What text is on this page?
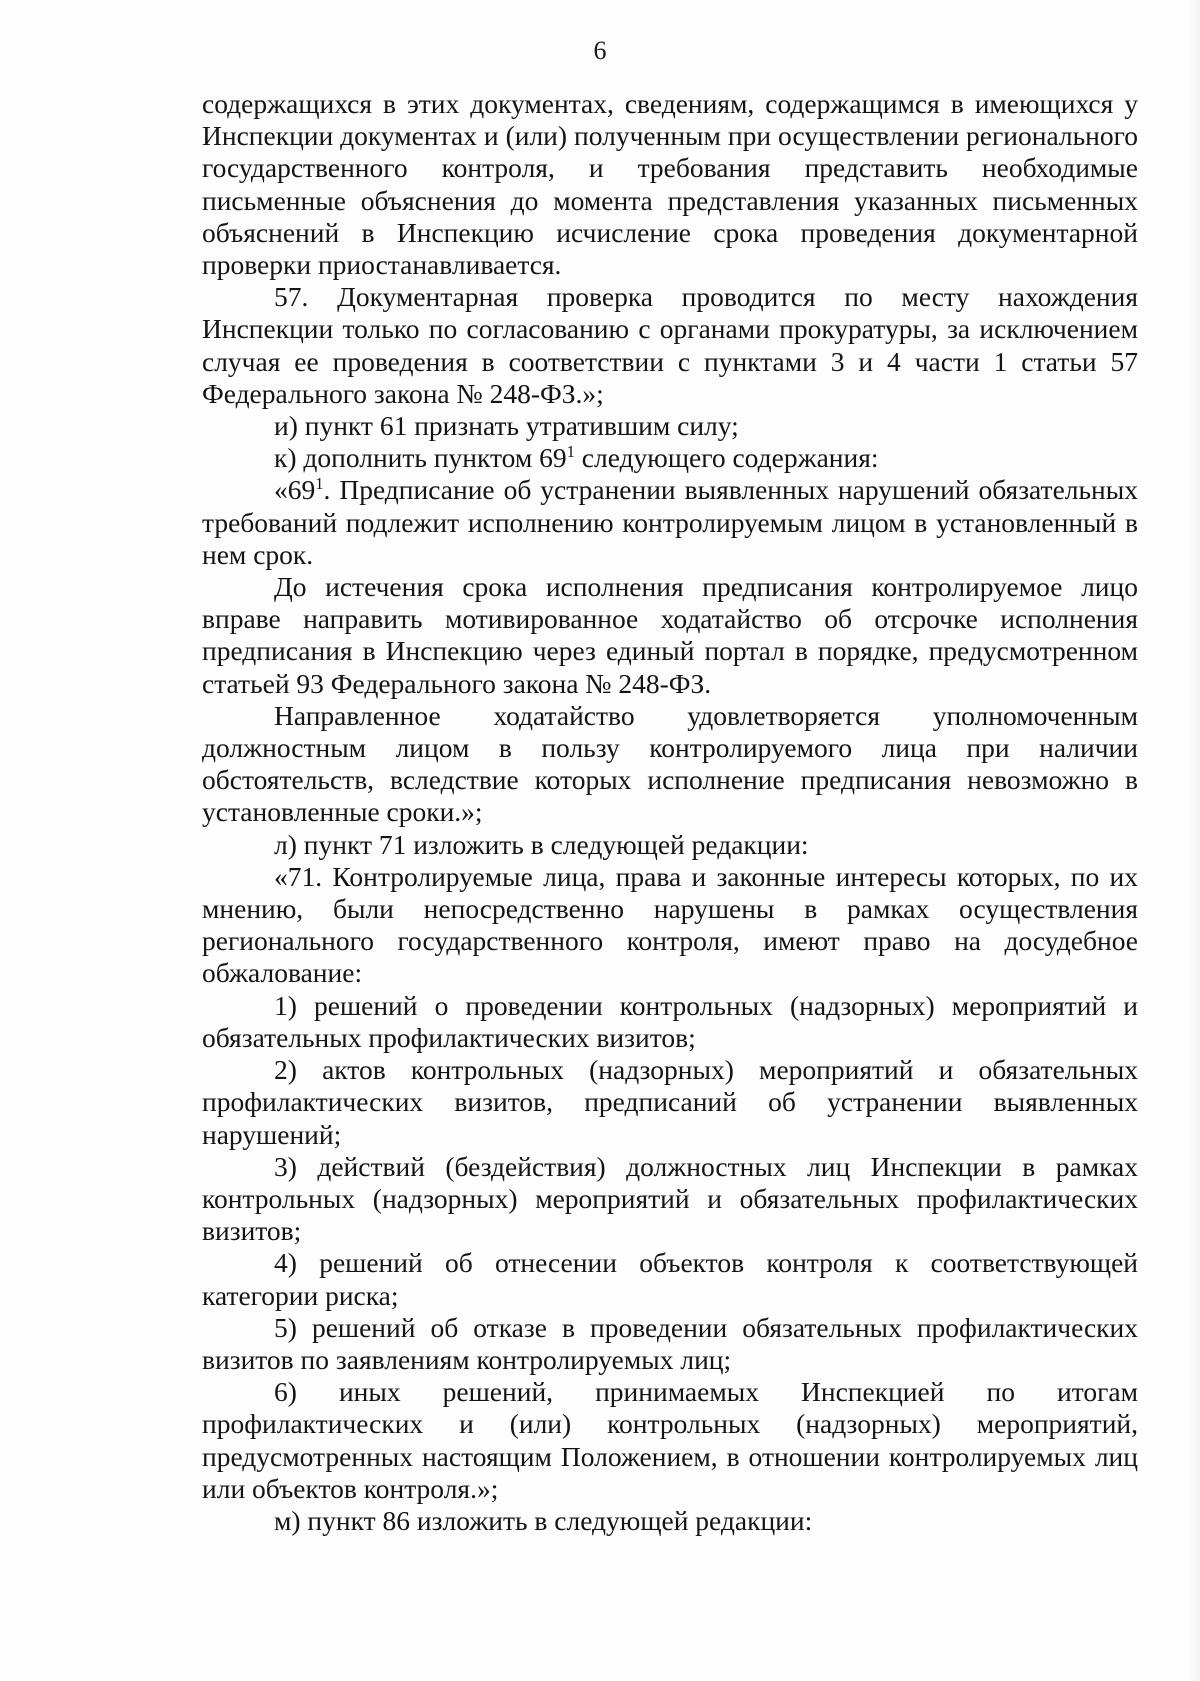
6

содержащихся в этих документах, сведениям, содержащимся в имеющихся у Инспекции документах и (или) полученным при осуществлении регионального государственного контроля, и требования представить необходимые письменные объяснения до момента представления указанных письменных объяснений в Инспекцию исчисление срока проведения документарной проверки приостанавливается.

57. Документарная проверка проводится по месту нахождения Инспекции только по согласованию с органами прокуратуры, за исключением случая ее проведения в соответствии с пунктами 3 и 4 части 1 статьи 57 Федерального закона № 248-ФЗ.»;

и) пункт 61 признать утратившим силу;

к) дополнить пунктом $69^1$ следующего содержания:

«$69^1$. Предписание об устранении выявленных нарушений обязательных требований подлежит исполнению контролируемым лицом в установленный в нем срок.

До истечения срока исполнения предписания контролируемое лицо вправе направить мотивированное ходатайство об отсрочке исполнения предписания в Инспекцию через единый портал в порядке, предусмотренном статьей 93 Федерального закона № 248-ФЗ.

Направленное ходатайство удовлетворяется уполномоченным должностным лицом в пользу контролируемого лица при наличии обстоятельств, вследствие которых исполнение предписания невозможно в установленные сроки.»;

л) пункт 71 изложить в следующей редакции:

«71. Контролируемые лица, права и законные интересы которых, по их мнению, были непосредственно нарушены в рамках осуществления регионального государственного контроля, имеют право на досудебное обжалование:

1) решений о проведении контрольных (надзорных) мероприятий и обязательных профилактических визитов;

2) актов контрольных (надзорных) мероприятий и обязательных профилактических визитов, предписаний об устранении выявленных нарушений;

3) действий (бездействия) должностных лиц Инспекции в рамках контрольных (надзорных) мероприятий и обязательных профилактических визитов;

4) решений об отнесении объектов контроля к соответствующей категории риска;

5) решений об отказе в проведении обязательных профилактических визитов по заявлениям контролируемых лиц;

6) иных решений, принимаемых Инспекцией по итогам профилактических и (или) контрольных (надзорных) мероприятий, предусмотренных настоящим Положением, в отношении контролируемых лиц или объектов контроля.»;

м) пункт 86 изложить в следующей редакции:
